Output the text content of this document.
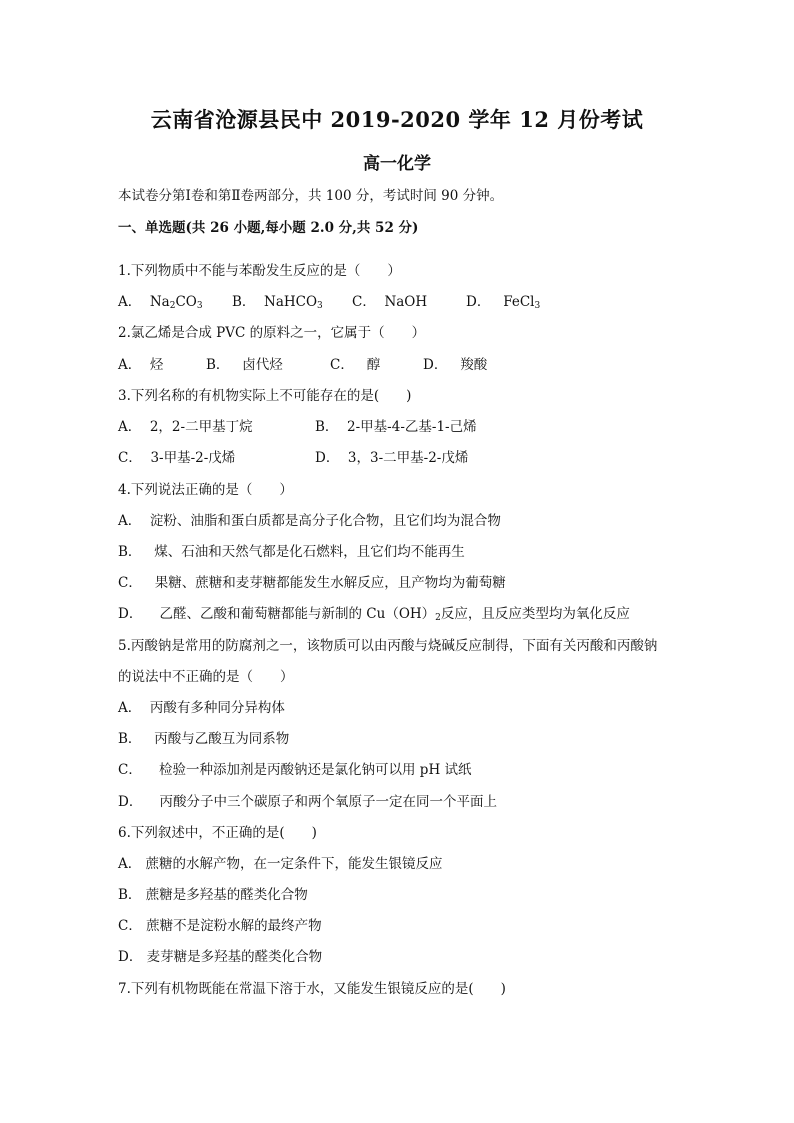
云南省沧源县民中 2019-2020 学年 12 月份考试
高一化学
本试卷分第Ⅰ卷和第Ⅱ卷两部分，共 100 分，考试时间 90 分钟。
一、单选题(共 26 小题,每小题 2.0 分,共 52 分)
1.下列物质中不能与苯酚发生反应的是（　　）
A． $Na_2CO_3$ B． NaHCO$_3$ C． NaOH	D． FeCl$_3$
2.氯乙烯是合成 PVC 的原料之一，它属于（　　）
A． 烃	B． 卤代烃	C． 醇	D． 羧酸
3.下列名称的有机物实际上不可能存在的是(　　)
A． 2，2-二甲基丁烷	B． 2-甲基-4-乙基-1-己烯
C． 3-甲基-2-戊烯	D． 3，3-二甲基-2-戊烯
4.下列说法正确的是（　　）
A． 淀粉、油脂和蛋白质都是高分子化合物，且它们均为混合物
B． 煤、石油和天然气都是化石燃料，且它们均不能再生
C． 果糖、蔗糖和麦芽糖都能发生水解反应，且产物均为葡萄糖
D． 乙醛、乙酸和葡萄糖都能与新制的 $Cu(OH)_2$反应，且反应类型均为氧化反应
5.丙酸钠是常用的防腐剂之一，该物质可以由丙酸与烧碱反应制得，下面有关丙酸和丙酸钠
的说法中不正确的是（　　）
A． 丙酸有多种同分异构体
B． 丙酸与乙酸互为同系物
C． 检验一种添加剂是丙酸钠还是氯化钠可以用 pH 试纸
D． 丙酸分子中三个碳原子和两个氧原子一定在同一个平面上
6.下列叙述中，不正确的是(　　)
A． 蔗糖的水解产物，在一定条件下，能发生银镜反应
B． 蔗糖是多羟基的醛类化合物
C． 蔗糖不是淀粉水解的最终产物
D． 麦芽糖是多羟基的醛类化合物
7.下列有机物既能在常温下溶于水，又能发生银镜反应的是(　　)
